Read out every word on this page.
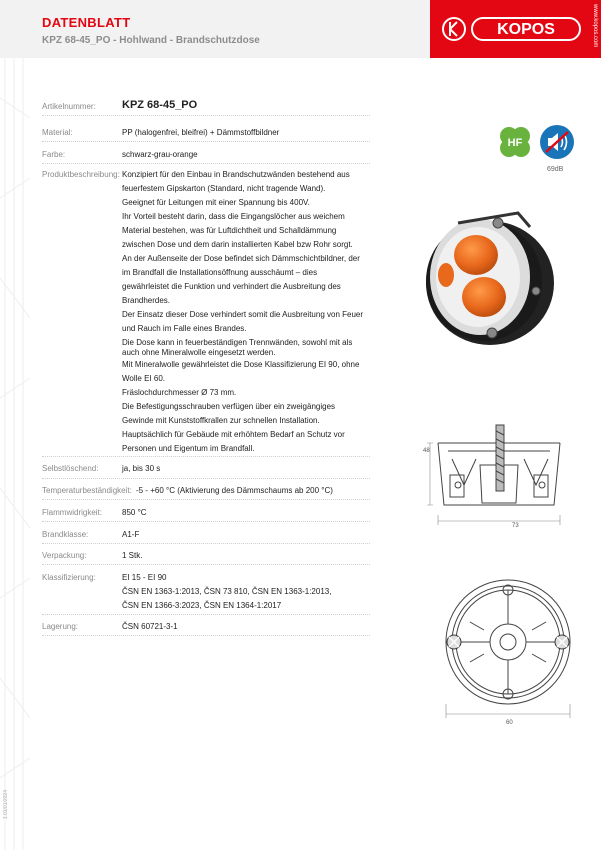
DATENBLATT
KPZ 68-45_PO - Hohlwand - Brandschutzdose
KOPOS	www.kopos.com
Artikelnummer: KPZ 68-45_PO
Material:	PP (halogenfrei, bleifrei) + Dämmstoffbildner
Farbe:	schwarz-grau-orange
Produktbeschreibung: Konzipiert für den Einbau in Brandschutzwänden bestehend aus
feuerfestem Gipskarton (Standard, nicht tragende Wand).
Geeignet für Leitungen mit einer Spannung bis 400V.
Ihr Vorteil besteht darin, dass die Eingangslöcher aus weichem
Material bestehen, was für Luftdichtheit und Schalldämmung
zwischen Dose und dem darin installierten Kabel bzw Rohr sorgt.
An der Außenseite der Dose befindet sich Dämmschichtbildner, der
im Brandfall die Installationsöffnung ausschäumt – dies
gewährleistet die Funktion und verhindert die Ausbreitung des
Brandherdes.
Der Einsatz dieser Dose verhindert somit die Ausbreitung von Feuer
und Rauch im Falle eines Brandes.
Die Dose kann in feuerbeständigen Trennwänden, sowohl mit als
auch ohne Mineralwolle eingesetzt werden.
Mit Mineralwolle gewährleistet die Dose Klassifizierung EI 90, ohne
Wolle EI 60.
Fräslochdurchmesser Ø 73 mm.
Die Befestigungsschrauben verfügen über ein zweigängiges
Gewinde mit Kunststoffkrallen zur schnellen Installation.
Hauptsächlich für Gebäude mit erhöhtem Bedarf an Schutz vor
Personen und Eigentum im Brandfall.
Selbstlöschend:	ja, bis 30 s
Temperaturbeständigkeit: -5 - +60 °C (Aktivierung des Dämmschaums ab 200 °C)
Flammwidrigkeit: 850 °C
Brandklasse:	A1-F
Verpackung:	1 Stk.
Klassifizierung:	EI 15 - EI 90
ČSN EN 1363-1:2013, ČSN 73 810, ČSN EN 1363-1:2013,
ČSN EN 1366-3:2023, ČSN EN 1364-1:2017
Lagerung:	ČSN 60721-3-1
HF
69dB
48
73
60
1.01/01/2024
